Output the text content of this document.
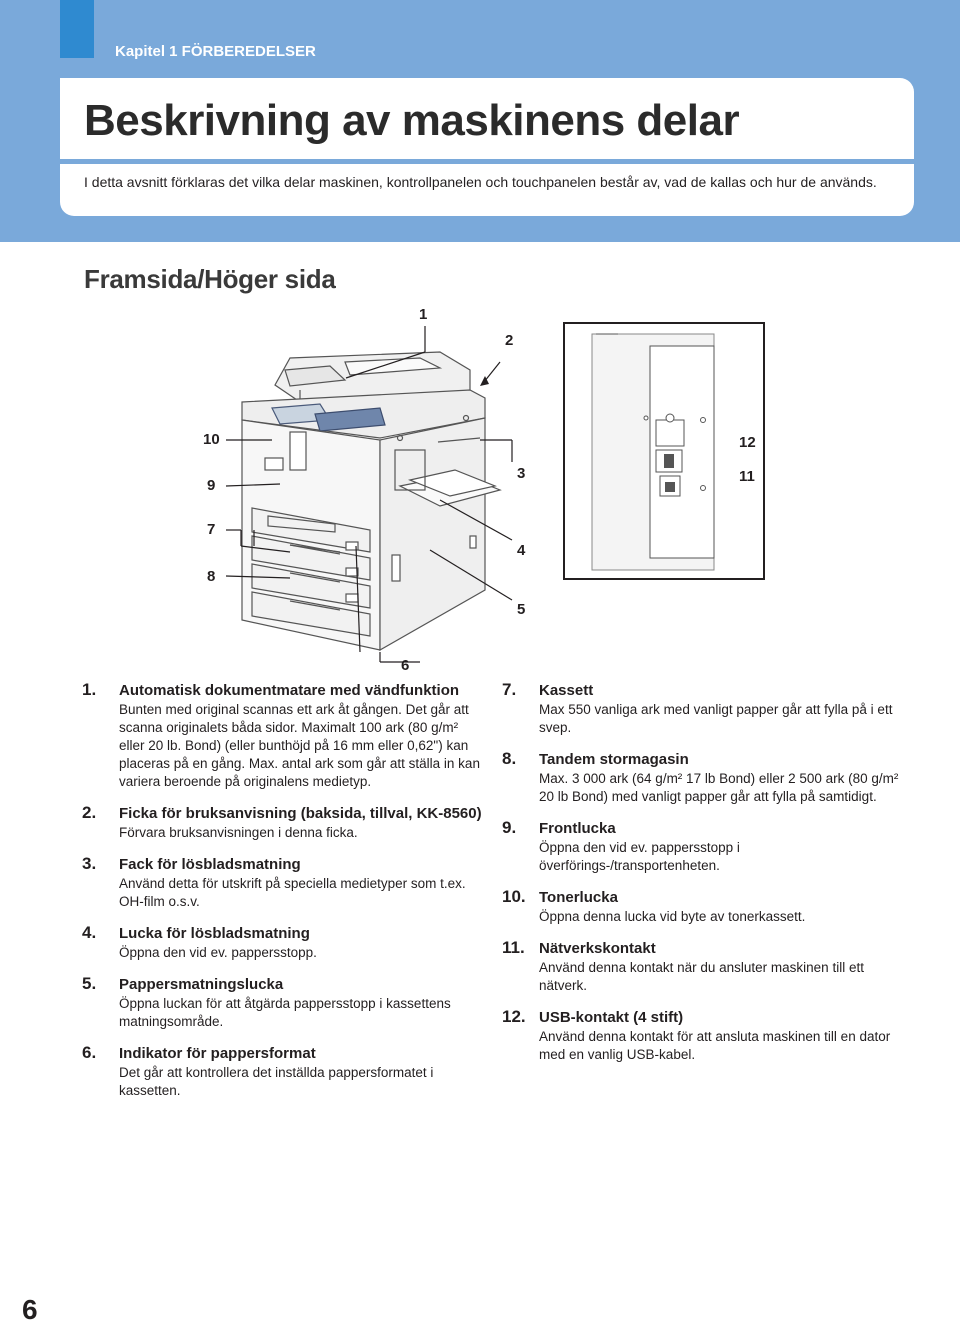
Kapitel 1 FÖRBEREDELSER
Beskrivning av maskinens delar
I detta avsnitt förklaras det vilka delar maskinen, kontrollpanelen och touchpanelen består av, vad de kallas och hur de används.
Framsida/Höger sida
1
2
3
4
5
6
7
8
9
10
11
12
1. Automatisk dokumentmatare med vändfunktion
Bunten med original scannas ett ark åt gången. Det går att scanna originalets båda sidor. Maximalt 100 ark (80 g/m² eller 20 lb. Bond) (eller bunthöjd på 16 mm eller 0,62") kan placeras på en gång. Max. antal ark som går att ställa in kan variera beroende på originalens medietyp.
2. Ficka för bruksanvisning (baksida, tillval, KK-8560)
Förvara bruksanvisningen i denna ficka.
3. Fack för lösbladsmatning
Använd detta för utskrift på speciella medietyper som t.ex. OH-film o.s.v.
4. Lucka för lösbladsmatning
Öppna den vid ev. pappersstopp.
5. Pappersmatningslucka
Öppna luckan för att åtgärda pappersstopp i kassettens matningsområde.
6. Indikator för pappersformat
Det går att kontrollera det inställda pappersformatet i kassetten.
7. Kassett
Max 550 vanliga ark med vanligt papper går att fylla på i ett svep.
8. Tandem stormagasin
Max. 3 000 ark (64 g/m² 17 lb Bond) eller 2 500 ark (80 g/m² 20 lb Bond) med vanligt papper går att fylla på samtidigt.
9. Frontlucka
Öppna den vid ev. pappersstopp i överförings-/transportenheten.
10. Tonerlucka
Öppna denna lucka vid byte av tonerkassett.
11. Nätverkskontakt
Använd denna kontakt när du ansluter maskinen till ett nätverk.
12. USB-kontakt (4 stift)
Använd denna kontakt för att ansluta maskinen till en dator med en vanlig USB-kabel.
6
